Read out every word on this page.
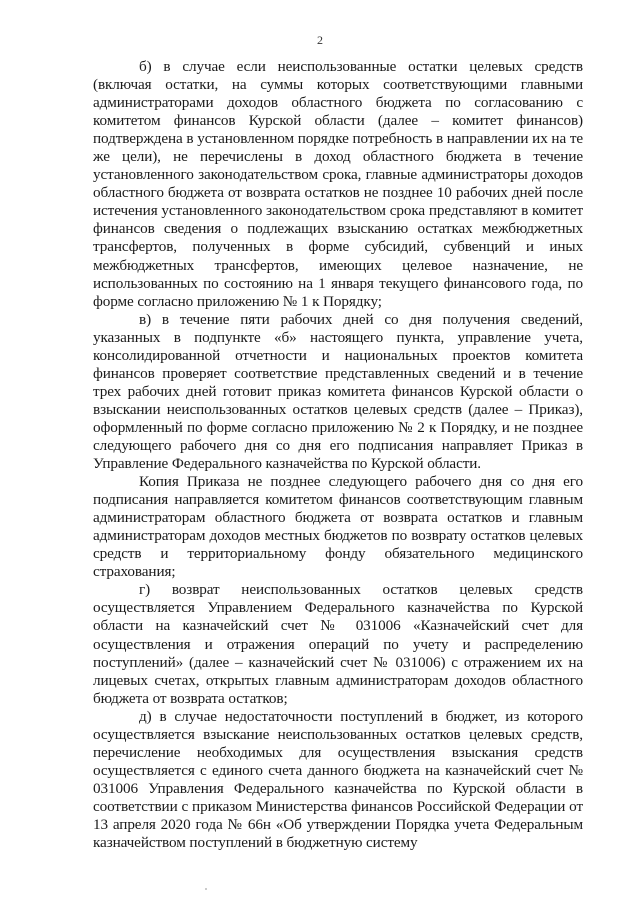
2

б) в случае если неиспользованные остатки целевых средств (включая остатки, на суммы которых соответствующими главными администраторами доходов областного бюджета по согласованию с комитетом финансов Курской области (далее – комитет финансов) подтверждена в установленном порядке потребность в направлении их на те же цели), не перечислены в доход областного бюджета в течение установленного законодательством срока, главные администраторы доходов областного бюджета от возврата остатков не позднее 10 рабочих дней после истечения установленного законодательством срока представляют в комитет финансов сведения о подлежащих взысканию остатках межбюджетных трансфертов, полученных в форме субсидий, субвенций и иных межбюджетных трансфертов, имеющих целевое назначение, не использованных по состоянию на 1 января текущего финансового года, по форме согласно приложению № 1 к Порядку;

в) в течение пяти рабочих дней со дня получения сведений, указанных в подпункте «б» настоящего пункта, управление учета, консолидированной отчетности и национальных проектов комитета финансов проверяет соответствие представленных сведений и в течение трех рабочих дней готовит приказ комитета финансов Курской области о взыскании неиспользованных остатков целевых средств (далее – Приказ), оформленный по форме согласно приложению № 2 к Порядку, и не позднее следующего рабочего дня со дня его подписания направляет Приказ в Управление Федерального казначейства по Курской области.

Копия Приказа не позднее следующего рабочего дня со дня его подписания направляется комитетом финансов соответствующим главным администраторам областного бюджета от возврата остатков и главным администраторам доходов местных бюджетов по возврату остатков целевых средств и территориальному фонду обязательного медицинского страхования;

г) возврат неиспользованных остатков целевых средств осуществляется Управлением Федерального казначейства по Курской области на казначейский счет № 031006 «Казначейский счет для осуществления и отражения операций по учету и распределению поступлений» (далее – казначейский счет № 031006) с отражением их на лицевых счетах, открытых главным администраторам доходов областного бюджета от возврата остатков;

д) в случае недостаточности поступлений в бюджет, из которого осуществляется взыскание неиспользованных остатков целевых средств, перечисление необходимых для осуществления взыскания средств осуществляется с единого счета данного бюджета на казначейский счет № 031006 Управления Федерального казначейства по Курской области в соответствии с приказом Министерства финансов Российской Федерации от 13 апреля 2020 года № 66н «Об утверждении Порядка учета Федеральным казначейством поступлений в бюджетную систему
